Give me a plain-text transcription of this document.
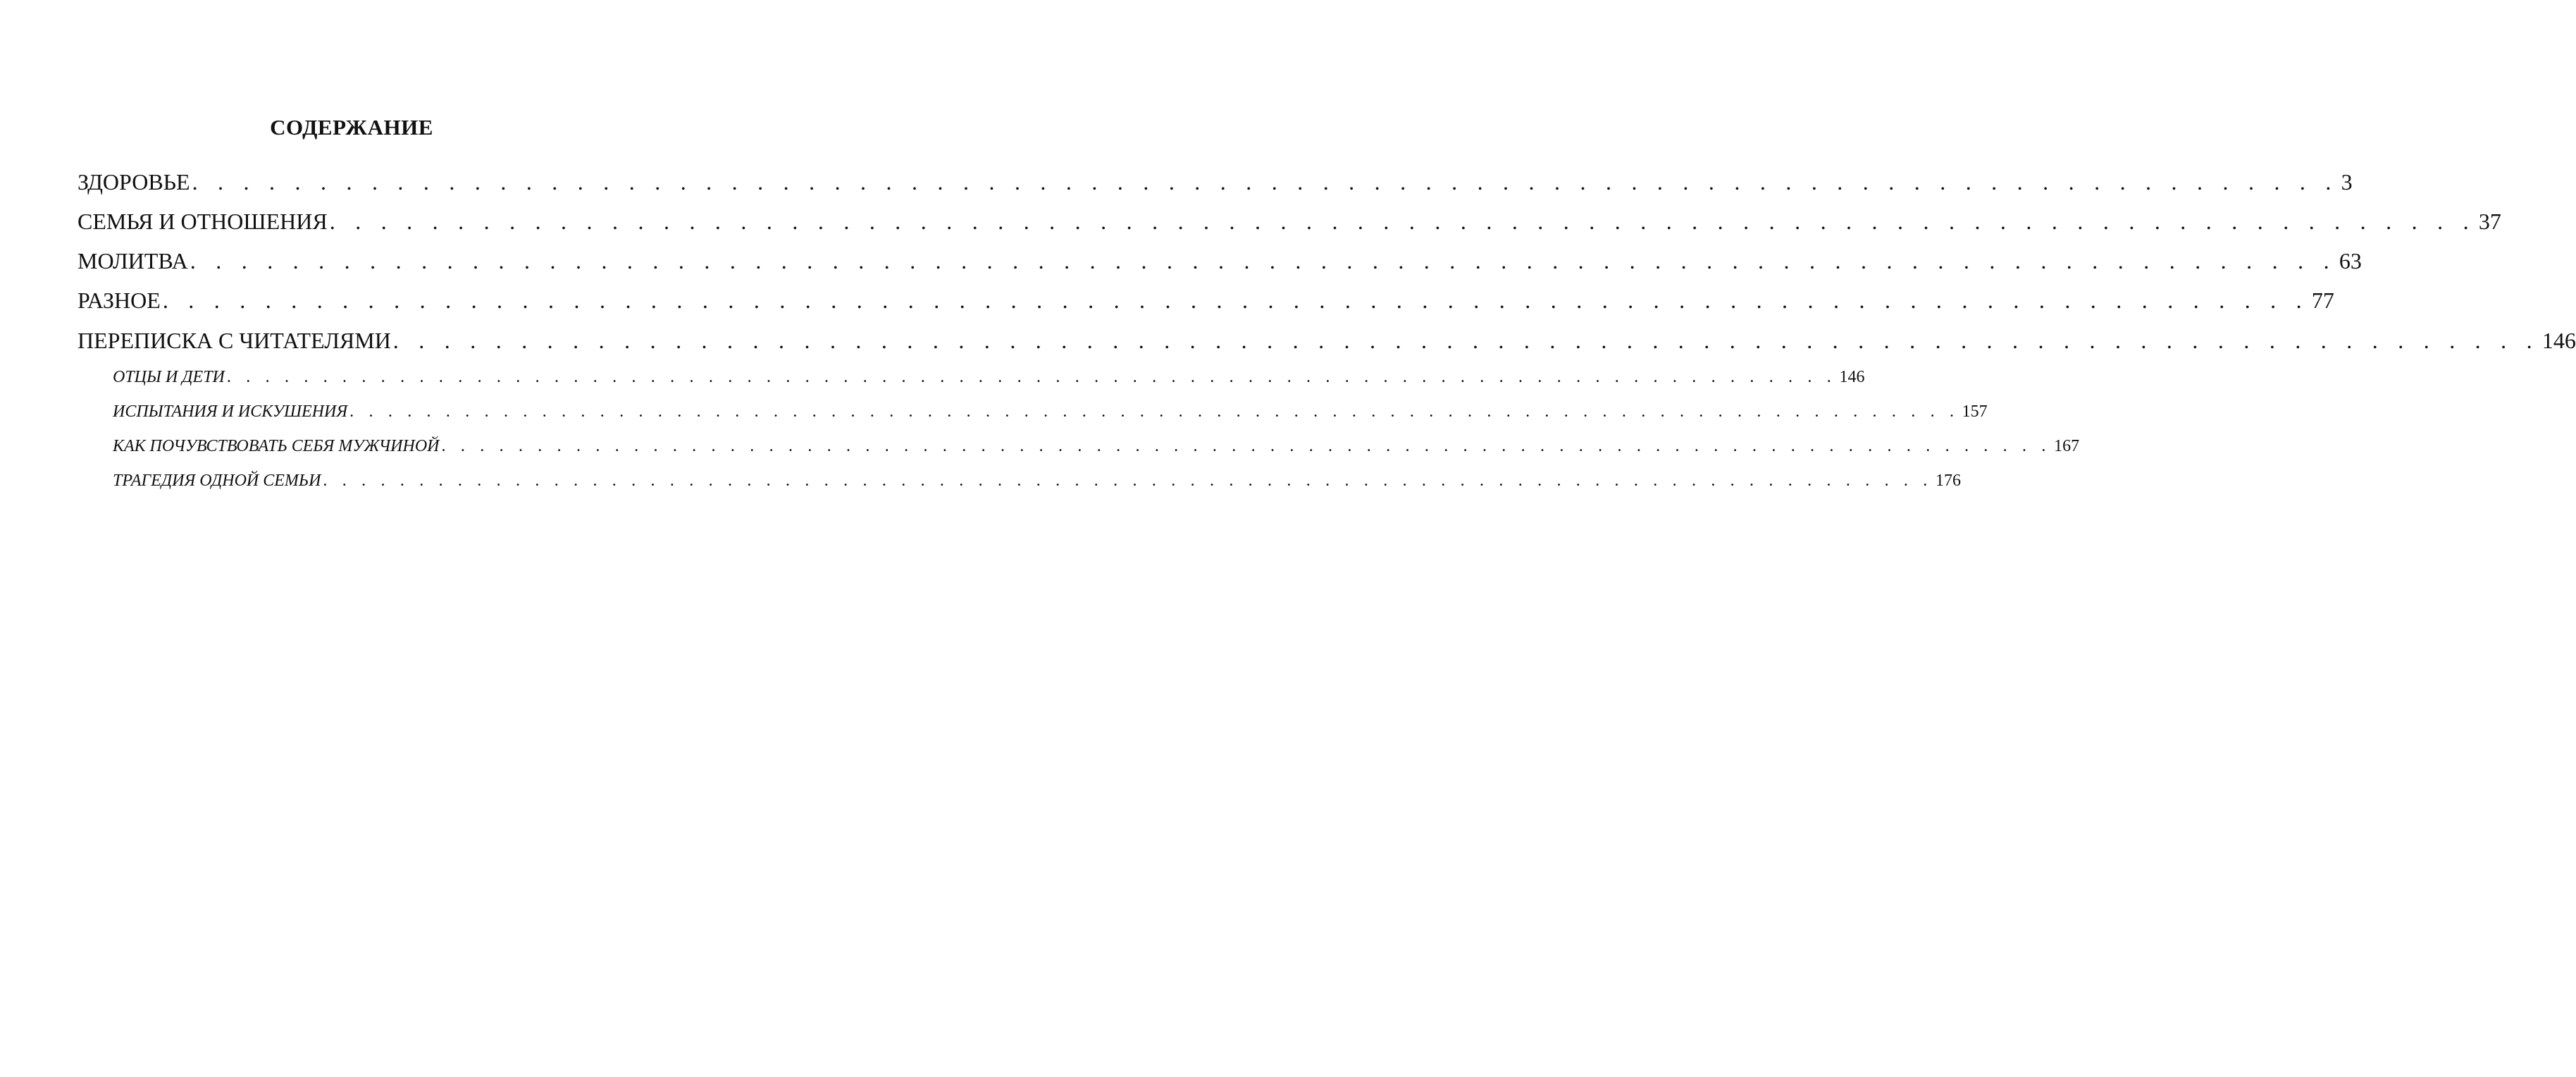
СОДЕРЖАНИЕ
ЗДОРОВЬЕ . . . . . . . . . . . . . . . . . . . . . . . . . . . . . . . . . . . . . . . . . . . . . . . . . . . . . . . . . . . . . . . . . . . . . . . . . . . . . . . . . . . . 3
СЕМЬЯ И ОТНОШЕНИЯ . . . . . . . . . . . . . . . . . . . . . . . . . . . . . . . . . . . . . . . . . . . . . . . . . . . . . . . . . . . . . . . . . . . . . . . . . . . . . . . . . . . . 37
МОЛИТВА . . . . . . . . . . . . . . . . . . . . . . . . . . . . . . . . . . . . . . . . . . . . . . . . . . . . . . . . . . . . . . . . . . . . . . . . . . . . . . . . . . . . 63
РАЗНОЕ . . . . . . . . . . . . . . . . . . . . . . . . . . . . . . . . . . . . . . . . . . . . . . . . . . . . . . . . . . . . . . . . . . . . . . . . . . . . . . . . . . . . 77
ПЕРЕПИСКА С ЧИТАТЕЛЯМИ . . . . . . . . . . . . . . . . . . . . . . . . . . . . . . . . . . . . . . . . . . . . . . . . . . . . . . . . . . . . . . . . . . . . . . . . . . . . . . . . . . . . 146
ОТЦЫ И ДЕТИ . . . . . . . . . . . . . . . . . . . . . . . . . . . . . . . . . . . . . . . . . . . . . . . . . . . . . . . . . . . . . . . . . . . . . . . . . . . . . . . . . . . . 146
ИСПЫТАНИЯ И ИСКУШЕНИЯ . . . . . . . . . . . . . . . . . . . . . . . . . . . . . . . . . . . . . . . . . . . . . . . . . . . . . . . . . . . . . . . . . . . . . . . . . . . . . . . . . . . . 157
КАК ПОЧУВСТВОВАТЬ СЕБЯ МУЖЧИНОЙ . . . . . . . . . . . . . . . . . . . . . . . . . . . . . . . . . . . . . . . . . . . . . . . . . . . . . . . . . . . . . . . . . . . . . . . . . . . . . . . . . . . . 167
ТРАГЕДИЯ ОДНОЙ СЕМЬИ . . . . . . . . . . . . . . . . . . . . . . . . . . . . . . . . . . . . . . . . . . . . . . . . . . . . . . . . . . . . . . . . . . . . . . . . . . . . . . . . . . . . 176
